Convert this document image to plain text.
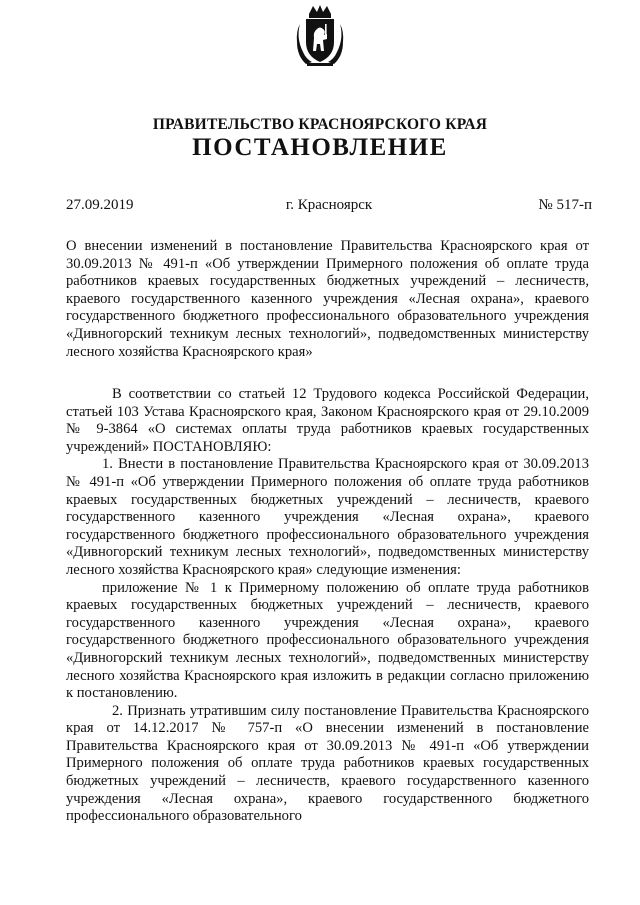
ПРАВИТЕЛЬСТВО КРАСНОЯРСКОГО КРАЯ
ПОСТАНОВЛЕНИЕ
27.09.2019	г. Красноярск	№ 517-п
О внесении изменений в постановление Правительства Красноярского края от 30.09.2013 № 491-п «Об утверждении Примерного положения об оплате труда работников краевых государственных бюджетных учреждений – лесничеств, краевого государственного казенного учреждения «Лесная охрана», краевого государственного бюджетного профессионального образовательного учреждения «Дивногорский техникум лесных технологий», подведомственных министерству лесного хозяйства Красноярского края»

В соответствии со статьей 12 Трудового кодекса Российской Федерации, статьей 103 Устава Красноярского края, Законом Красноярского края от 29.10.2009 № 9-3864 «О системах оплаты труда работников краевых государственных учреждений» ПОСТАНОВЛЯЮ:

1. Внести в постановление Правительства Красноярского края от 30.09.2013 № 491-п «Об утверждении Примерного положения об оплате труда работников краевых государственных бюджетных учреждений – лесничеств, краевого государственного казенного учреждения «Лесная охрана», краевого государственного бюджетного профессионального образовательного учреждения «Дивногорский техникум лесных технологий», подведомственных министерству лесного хозяйства Красноярского края» следующие изменения:

приложение № 1 к Примерному положению об оплате труда работников краевых государственных бюджетных учреждений – лесничеств, краевого государственного казенного учреждения «Лесная охрана», краевого государственного бюджетного профессионального образовательного учреждения «Дивногорский техникум лесных технологий», подведомственных министерству лесного хозяйства Красноярского края изложить в редакции согласно приложению к постановлению.

2. Признать утратившим силу постановление Правительства Красноярского края от 14.12.2017 № 757-п «О внесении изменений в постановление Правительства Красноярского края от 30.09.2013 № 491-п «Об утверждении Примерного положения об оплате труда работников краевых государственных бюджетных учреждений – лесничеств, краевого государственного казенного учреждения «Лесная охрана», краевого государственного бюджетного профессионального образовательного
